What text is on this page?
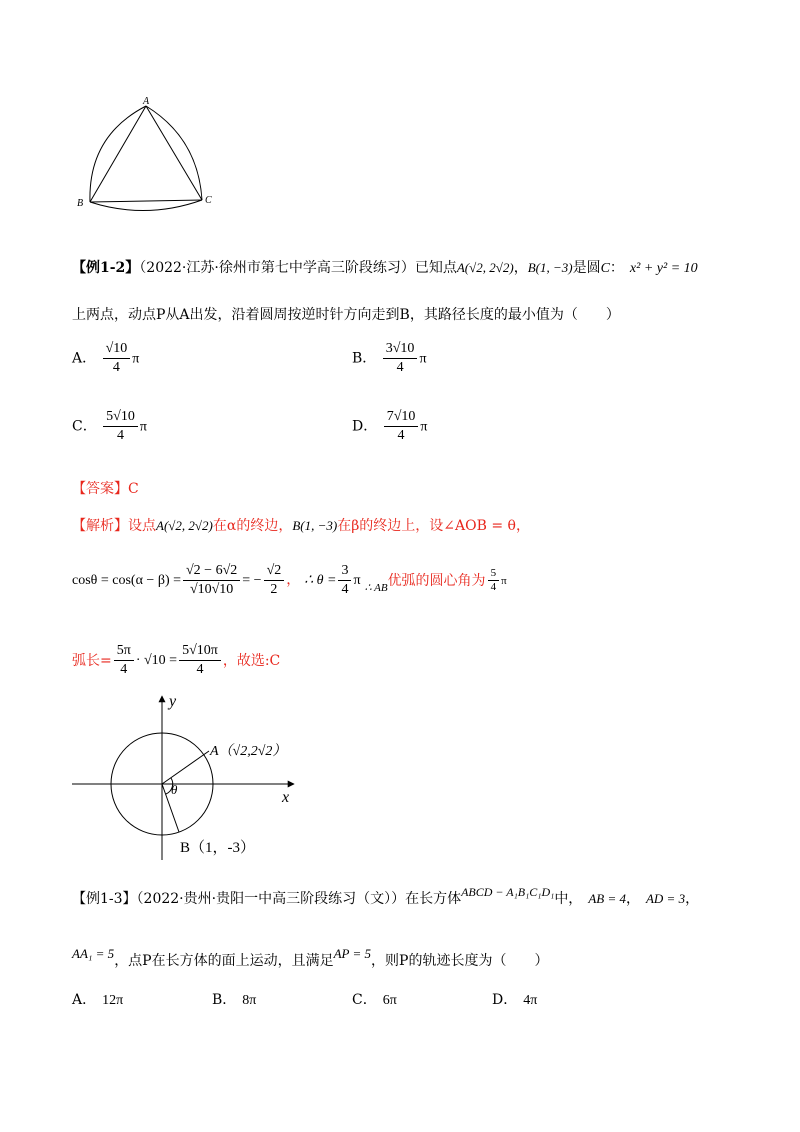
A
B	C
【例1-2】（2022·江苏·徐州市第七中学高三阶段练习）已知点A(√2, 2√2)，B(1, −3)是圆C： x² + y² = 10
上两点，动点P从A出发，沿着圆周按逆时针方向走到B，其路径长度的最小值为（　　）
A． $\frac{√10}{4}$ π	B． $\frac{3√10}{4}$ π
C． $\frac{5√10}{4}$ π	D． $\frac{7√10}{4}$ π
【答案】C
【解析】设点A(√2, 2√2)在α的终边，B(1, −3)在β的终边上，设∠AOB = θ，
$\cos\theta = \cos(\alpha - \beta) = \frac{√2 - 6√2}{√10√10}$ = − $\frac{√2}{2}$ ， ∴ $\theta = \frac{3}{4}$ π ∴ AB 优弧的圆心角为 $\frac{5}{4}$ π
弧长= $\frac{5\pi}{4} \cdot √10 = \frac{5√10\pi}{4}$ ，故选:C
y
x
A（√2,2√2）
θ
B（1，-3）
【例1-3】（2022·贵州·贵阳一中高三阶段练习（文））在长方体ABCD − A₁B₁C₁D₁中， AB = 4， AD = 3，
AA₁ = 5，点P在长方体的面上运动，且满足AP = 5，则P的轨迹长度为（　　）
A． 12π	B． 8π	C． 6π	D． 4π
